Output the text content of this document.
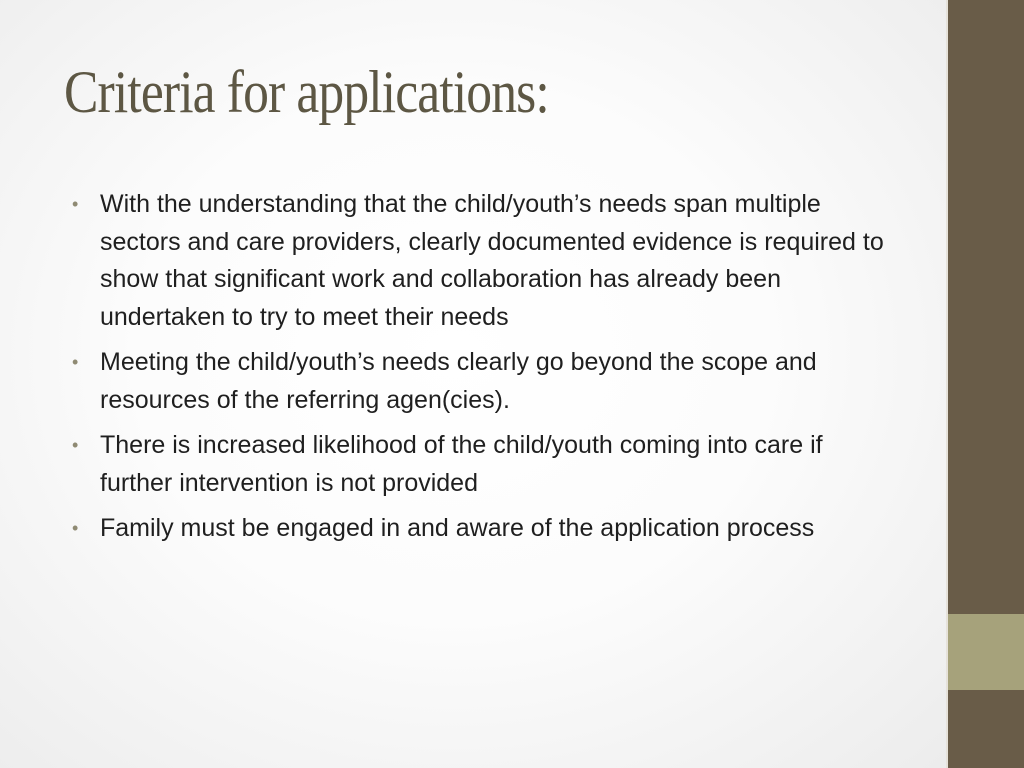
Criteria for applications:
• With the understanding that the child/youth’s needs span multiple sectors and care providers, clearly documented evidence is required to show that significant work and collaboration has already been undertaken to try to meet their needs
• Meeting the child/youth’s needs clearly go beyond the scope and resources of the referring agen(cies).
• There is increased likelihood of the child/youth coming into care if further intervention is not provided
• Family must be engaged in and aware of the application process
